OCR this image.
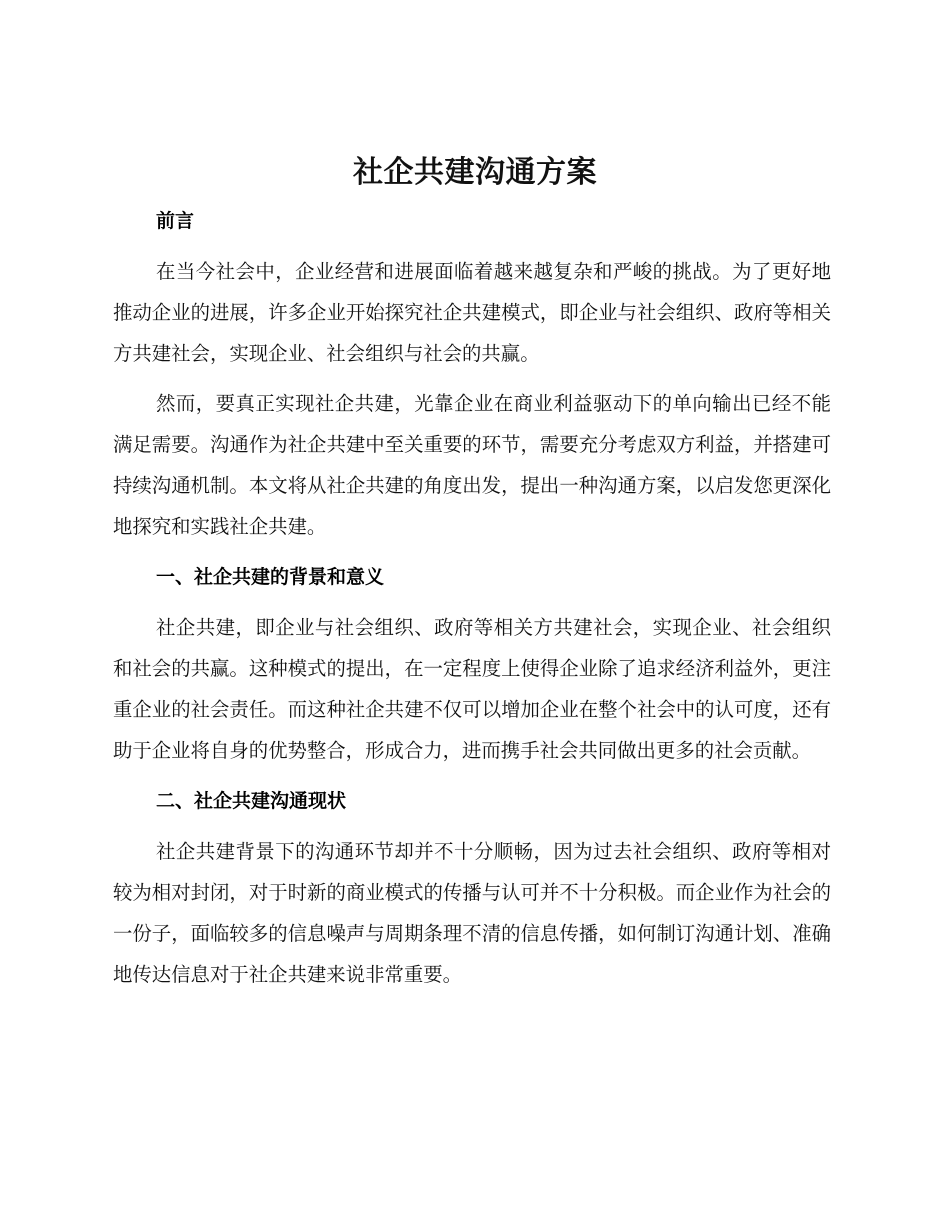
社企共建沟通方案
前言

在当今社会中，企业经营和进展面临着越来越复杂和严峻的挑战。为了更好地推动企业的进展，许多企业开始探究社企共建模式，即企业与社会组织、政府等相关方共建社会，实现企业、社会组织与社会的共赢。

然而，要真正实现社企共建，光靠企业在商业利益驱动下的单向输出已经不能满足需要。沟通作为社企共建中至关重要的环节，需要充分考虑双方利益，并搭建可持续沟通机制。本文将从社企共建的角度出发，提出一种沟通方案，以启发您更深化地探究和实践社企共建。

一、社企共建的背景和意义

社企共建，即企业与社会组织、政府等相关方共建社会，实现企业、社会组织和社会的共赢。这种模式的提出，在一定程度上使得企业除了追求经济利益外，更注重企业的社会责任。而这种社企共建不仅可以增加企业在整个社会中的认可度，还有助于企业将自身的优势整合，形成合力，进而携手社会共同做出更多的社会贡献。

二、社企共建沟通现状

社企共建背景下的沟通环节却并不十分顺畅，因为过去社会组织、政府等相对较为相对封闭，对于时新的商业模式的传播与认可并不十分积极。而企业作为社会的一份子，面临较多的信息噪声与周期条理不清的信息传播，如何制订沟通计划、准确地传达信息对于社企共建来说非常重要。
